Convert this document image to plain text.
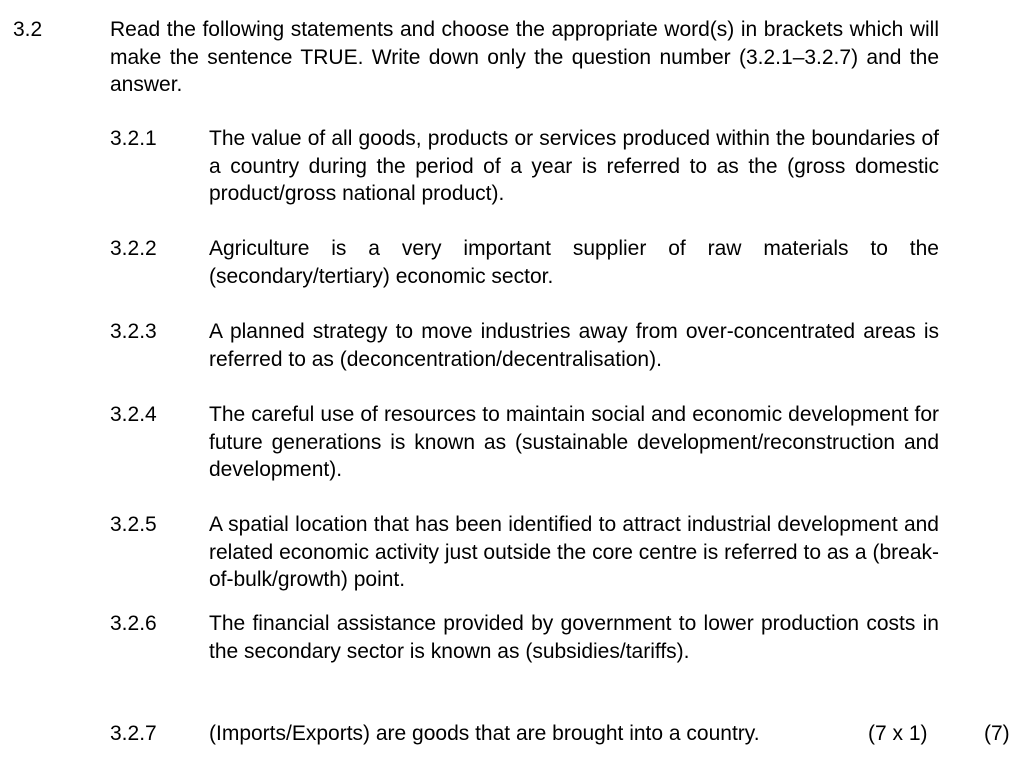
3.2	Read the following statements and choose the appropriate word(s) in brackets which will make the sentence TRUE. Write down only the question number (3.2.1–3.2.7) and the answer.
3.2.1 The value of all goods, products or services produced within the boundaries of a country during the period of a year is referred to as the (gross domestic product/gross national product).
3.2.2 Agriculture is a very important supplier of raw materials to the (secondary/tertiary) economic sector.
3.2.3 A planned strategy to move industries away from over-concentrated areas is referred to as (deconcentration/decentralisation).
3.2.4 The careful use of resources to maintain social and economic development for future generations is known as (sustainable development/reconstruction and development).
3.2.5 A spatial location that has been identified to attract industrial development and related economic activity just outside the core centre is referred to as a (break-of-bulk/growth) point.
3.2.6 The financial assistance provided by government to lower production costs in the secondary sector is known as (subsidies/tariffs).
3.2.7 (Imports/Exports) are goods that are brought into a country.	(7 x 1)	(7)
